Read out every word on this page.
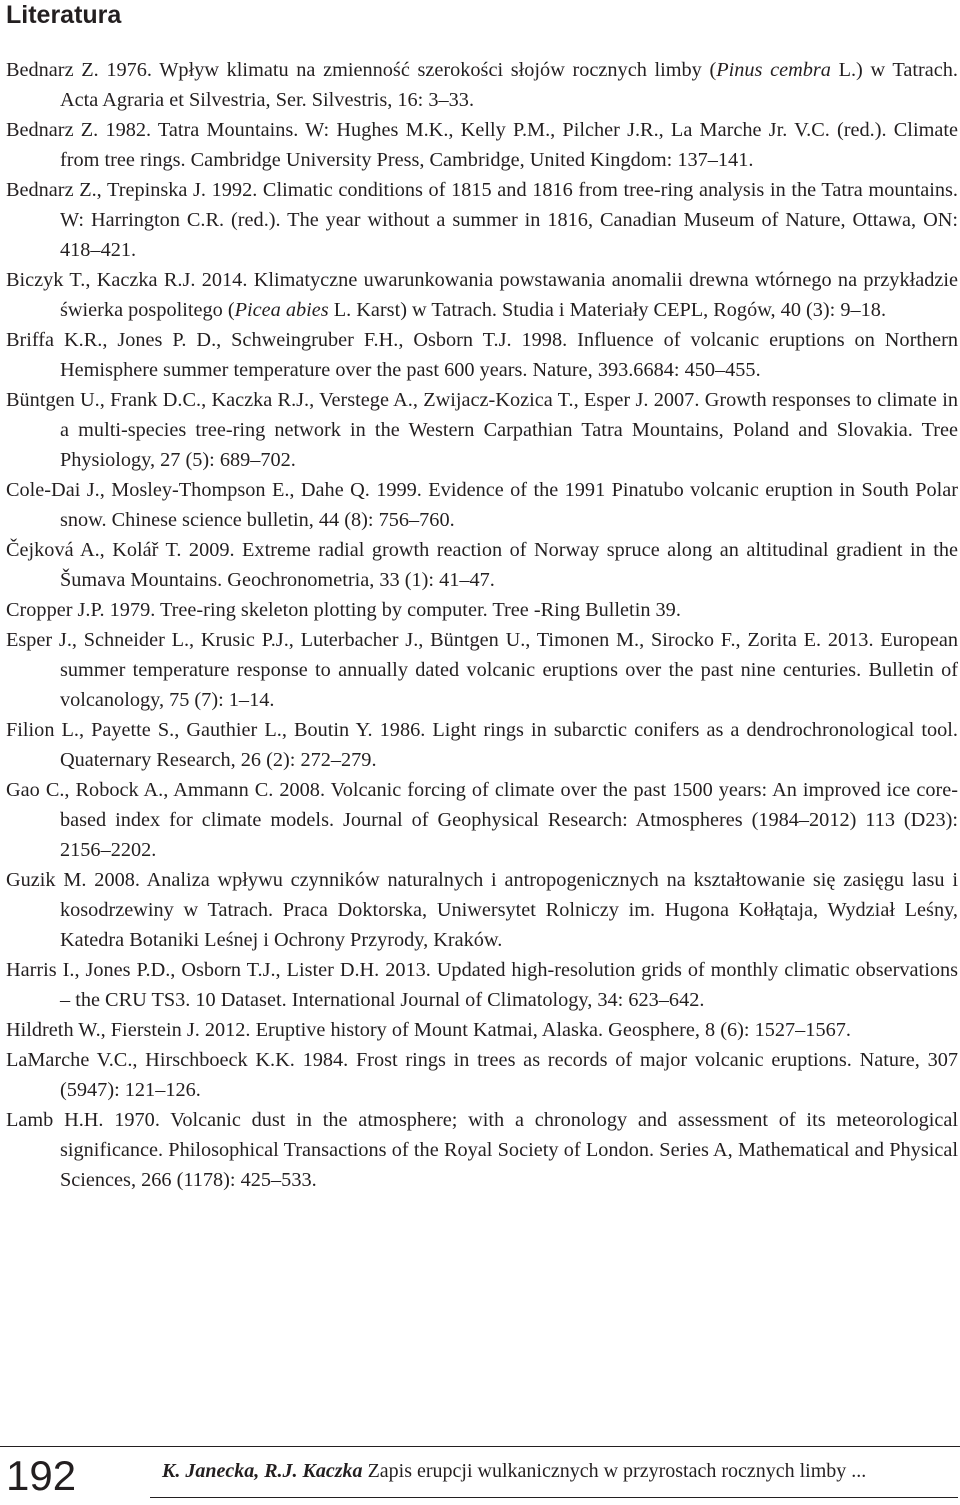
Literatura

Bednarz Z. 1976. Wpływ klimatu na zmienność szerokości słojów rocznych limby (Pinus cembra L.) w Tatrach. Acta Agraria et Silvestria, Ser. Silvestris, 16: 3–33.

Bednarz Z. 1982. Tatra Mountains. W: Hughes M.K., Kelly P.M., Pilcher J.R., La Marche Jr. V.C. (red.). Climate from tree rings. Cambridge University Press, Cambridge, United Kingdom: 137–141.

Bednarz Z., Trepinska J. 1992. Climatic conditions of 1815 and 1816 from tree-ring analysis in the Tatra mountains. W: Harrington C.R. (red.). The year without a summer in 1816, Canadian Museum of Nature, Ottawa, ON: 418–421.

Biczyk T., Kaczka R.J. 2014. Klimatyczne uwarunkowania powstawania anomalii drewna wtórnego na przykładzie świerka pospolitego (Picea abies L. Karst) w Tatrach. Studia i Materiały CEPL, Rogów, 40 (3): 9–18.

Briffa K.R., Jones P. D., Schweingruber F.H., Osborn T.J. 1998. Influence of volcanic eruptions on Northern Hemisphere summer temperature over the past 600 years. Nature, 393.6684: 450–455.

Büntgen U., Frank D.C., Kaczka R.J., Verstege A., Zwijacz-Kozica T., Esper J. 2007. Growth responses to climate in a multi-species tree-ring network in the Western Carpathian Tatra Mountains, Poland and Slovakia. Tree Physiology, 27 (5): 689–702.

Cole-Dai J., Mosley-Thompson E., Dahe Q. 1999. Evidence of the 1991 Pinatubo volcanic eruption in South Polar snow. Chinese science bulletin, 44 (8): 756–760.

Čejková A., Kolář T. 2009. Extreme radial growth reaction of Norway spruce along an altitudinal gradient in the Šumava Mountains. Geochronometria, 33 (1): 41–47.

Cropper J.P. 1979. Tree-ring skeleton plotting by computer. Tree -Ring Bulletin 39.

Esper J., Schneider L., Krusic P.J., Luterbacher J., Büntgen U., Timonen M., Sirocko F., Zorita E. 2013. European summer temperature response to annually dated volcanic eruptions over the past nine centuries. Bulletin of volcanology, 75 (7): 1–14.

Filion L., Payette S., Gauthier L., Boutin Y. 1986. Light rings in subarctic conifers as a dendrochronological tool. Quaternary Research, 26 (2): 272–279.

Gao C., Robock A., Ammann C. 2008. Volcanic forcing of climate over the past 1500 years: An improved ice core-based index for climate models. Journal of Geophysical Research: Atmospheres (1984–2012) 113 (D23): 2156–2202.

Guzik M. 2008. Analiza wpływu czynników naturalnych i antropogenicznych na kształtowanie się zasięgu lasu i kosodrzewiny w Tatrach. Praca Doktorska, Uniwersytet Rolniczy im. Hugona Kołłątaja, Wydział Leśny, Katedra Botaniki Leśnej i Ochrony Przyrody, Kraków.

Harris I., Jones P.D., Osborn T.J., Lister D.H. 2013. Updated high-resolution grids of monthly climatic observations – the CRU TS3. 10 Dataset. International Journal of Climatology, 34: 623–642.

Hildreth W., Fierstein J. 2012. Eruptive history of Mount Katmai, Alaska. Geosphere, 8 (6): 1527–1567.

LaMarche V.C., Hirschboeck K.K. 1984. Frost rings in trees as records of major volcanic eruptions. Nature, 307 (5947): 121–126.

Lamb H.H. 1970. Volcanic dust in the atmosphere; with a chronology and assessment of its meteorological significance. Philosophical Transactions of the Royal Society of London. Series A, Mathematical and Physical Sciences, 266 (1178): 425–533.

192	K. Janecka, R.J. Kaczka Zapis erupcji wulkanicznych w przyrostach rocznych limby ...
